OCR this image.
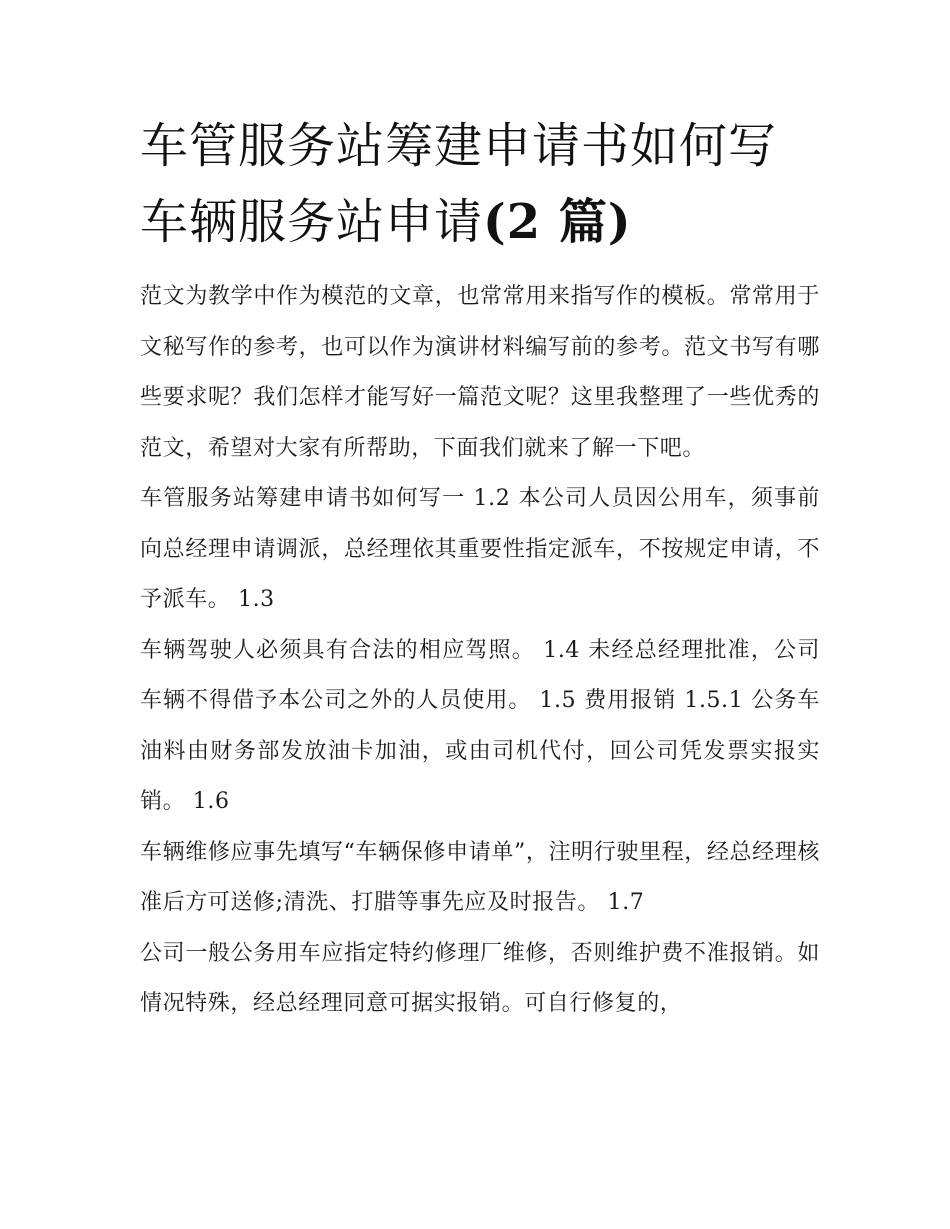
车管服务站筹建申请书如何写
车辆服务站申请(2 篇)

范文为教学中作为模范的文章，也常常用来指写作的模板。常常用于文秘写作的参考，也可以作为演讲材料编写前的参考。范文书写有哪些要求呢？我们怎样才能写好一篇范文呢？这里我整理了一些优秀的范文，希望对大家有所帮助，下面我们就来了解一下吧。

车管服务站筹建申请书如何写一 1.2 本公司人员因公用车，须事前向总经理申请调派，总经理依其重要性指定派车，不按规定申请，不予派车。 1.3

车辆驾驶人必须具有合法的相应驾照。 1.4 未经总经理批准，公司车辆不得借予本公司之外的人员使用。 1.5 费用报销 1.5.1 公务车油料由财务部发放油卡加油，或由司机代付，回公司凭发票实报实销。 1.6

车辆维修应事先填写“车辆保修申请单”，注明行驶里程，经总经理核准后方可送修;清洗、打腊等事先应及时报告。 1.7

公司一般公务用车应指定特约修理厂维修，否则维护费不准报销。如情况特殊，经总经理同意可据实报销。可自行修复的，
